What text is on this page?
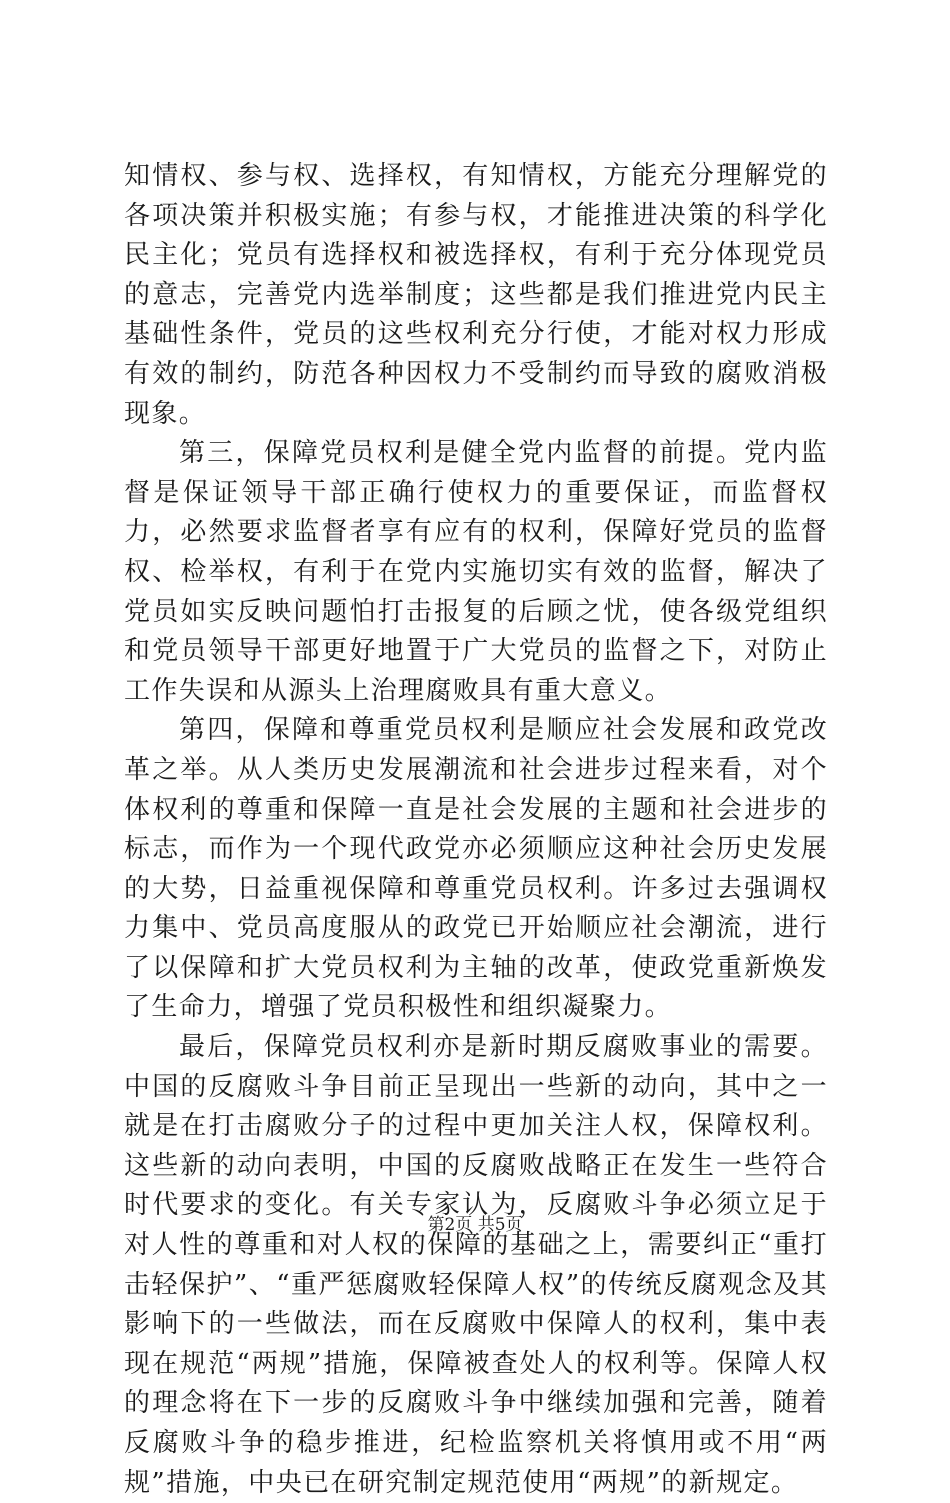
知情权、参与权、选择权，有知情权，方能充分理解党的各项决策并积极实施；有参与权，才能推进决策的科学化民主化；党员有选择权和被选择权，有利于充分体现党员的意志，完善党内选举制度；这些都是我们推进党内民主基础性条件，党员的这些权利充分行使，才能对权力形成有效的制约，防范各种因权力不受制约而导致的腐败消极现象。

第三，保障党员权利是健全党内监督的前提。党内监督是保证领导干部正确行使权力的重要保证，而监督权力，必然要求监督者享有应有的权利，保障好党员的监督权、检举权，有利于在党内实施切实有效的监督，解决了党员如实反映问题怕打击报复的后顾之忧，使各级党组织和党员领导干部更好地置于广大党员的监督之下，对防止工作失误和从源头上治理腐败具有重大意义。

第四，保障和尊重党员权利是顺应社会发展和政党改革之举。从人类历史发展潮流和社会进步过程来看，对个体权利的尊重和保障一直是社会发展的主题和社会进步的标志，而作为一个现代政党亦必须顺应这种社会历史发展的大势，日益重视保障和尊重党员权利。许多过去强调权力集中、党员高度服从的政党已开始顺应社会潮流，进行了以保障和扩大党员权利为主轴的改革，使政党重新焕发了生命力，增强了党员积极性和组织凝聚力。

最后，保障党员权利亦是新时期反腐败事业的需要。中国的反腐败斗争目前正呈现出一些新的动向，其中之一就是在打击腐败分子的过程中更加关注人权，保障权利。这些新的动向表明，中国的反腐败战略正在发生一些符合时代要求的变化。有关专家认为，反腐败斗争必须立足于对人性的尊重和对人权的保障的基础之上，需要纠正“重打击轻保护”、“重严惩腐败轻保障人权”的传统反腐观念及其影响下的一些做法，而在反腐败中保障人的权利，集中表现在规范“两规”措施，保障被查处人的权利等。保障人权的理念将在下一步的反腐败斗争中继续加强和完善，随着反腐败斗争的稳步推进，纪检监察机关将慎用或不用“两规”措施，中央已在研究制定规范使用“两规”的新规定。

第2页 共5页
